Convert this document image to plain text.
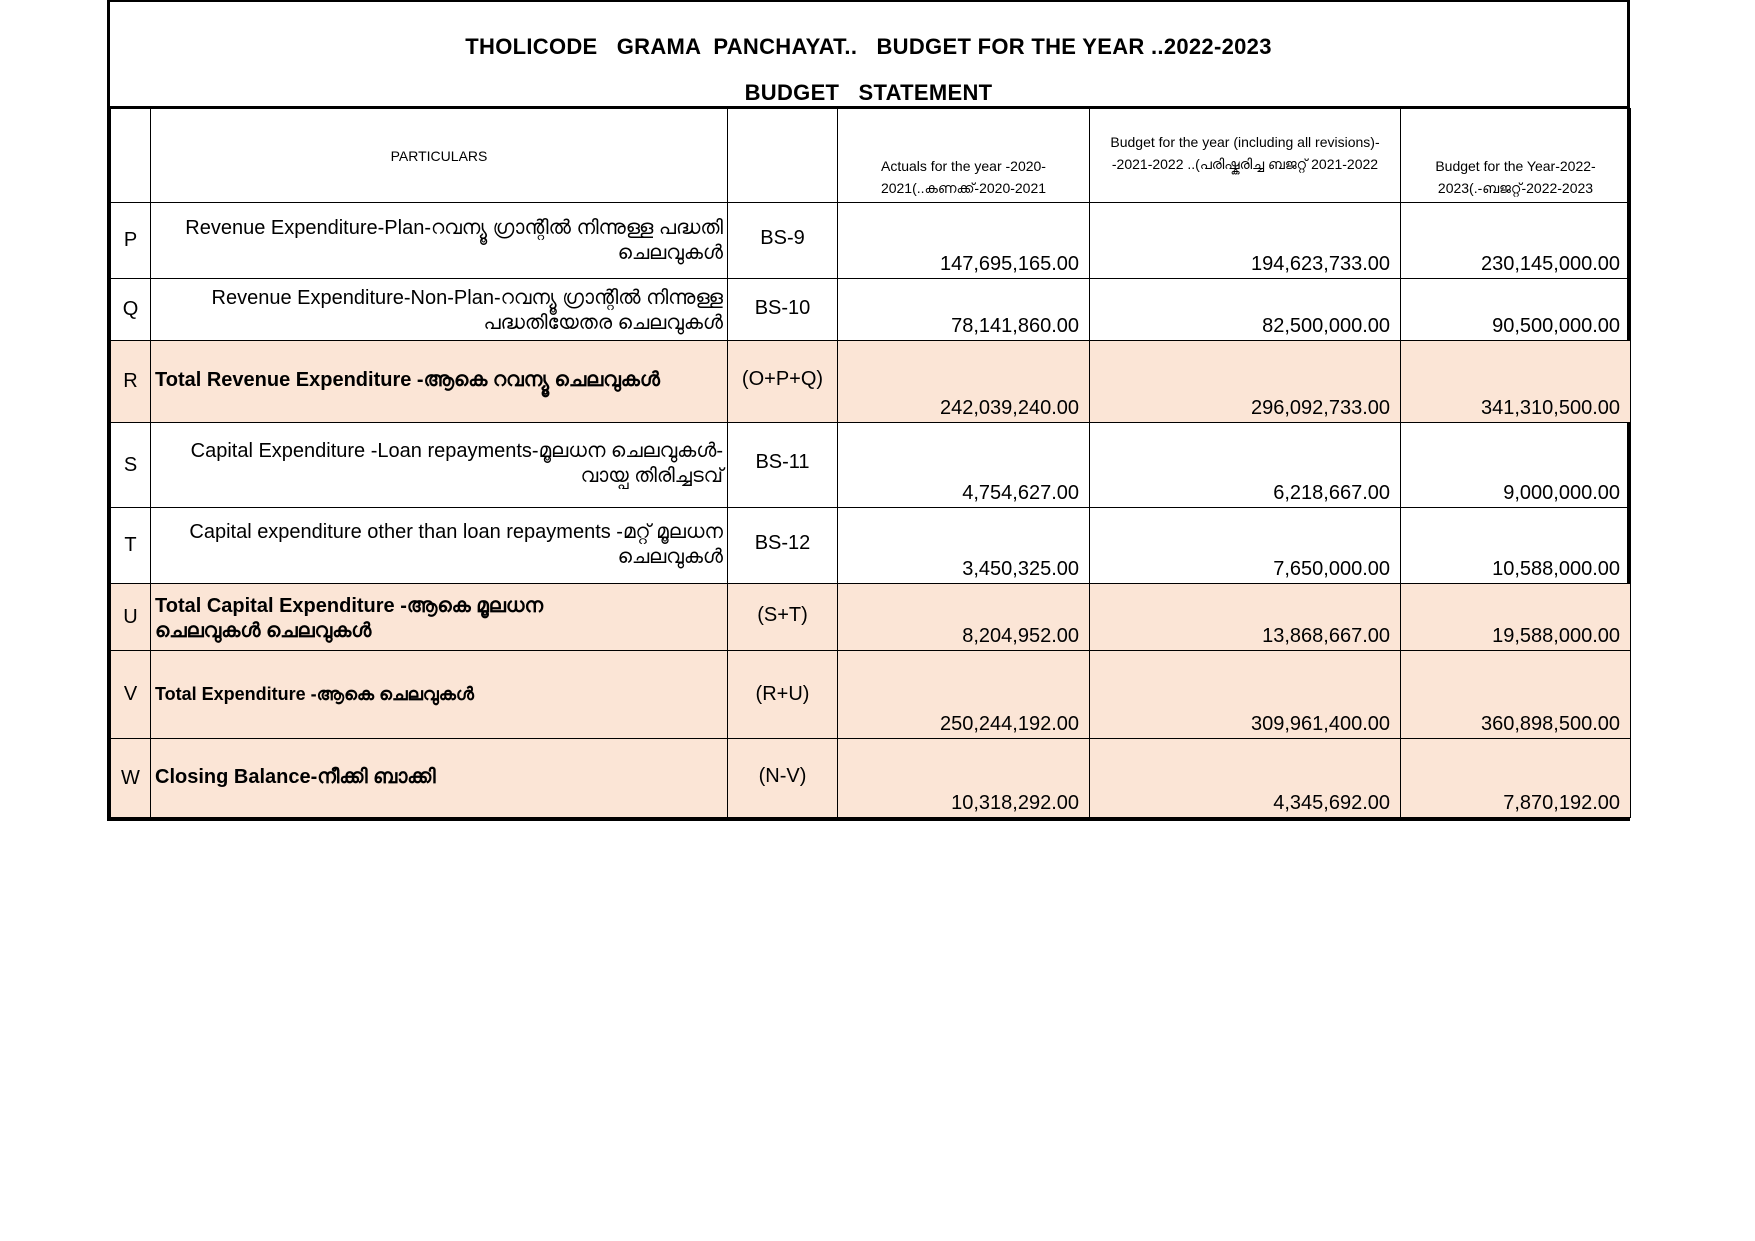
THOLICODE   GRAMA  PANCHAYAT..   BUDGET FOR THE YEAR ..2022-2023
BUDGET   STATEMENT

	PARTICULARS		Actuals for the year -2020-2021(..കണക്ക്-2020-2021	Budget for the year (including all revisions)--2021-2022 ..(പരിഷ്കരിച്ച ബജറ്റ് 2021-2022	Budget for the Year-2022-2023(.-ബജറ്റ്-2022-2023

P	Revenue Expenditure-Plan-റവന്യൂ ഗ്രാന്റിൽ നിന്നുള്ള പദ്ധതി ചെലവുകൾ	BS-9	147,695,165.00	194,623,733.00	230,145,000.00

Q	Revenue Expenditure-Non-Plan-റവന്യൂ ഗ്രാന്റിൽ നിന്നുള്ള പദ്ധതിയേതര ചെലവുകൾ	BS-10	78,141,860.00	82,500,000.00	90,500,000.00

R	Total Revenue Expenditure -ആകെ റവന്യൂ ചെലവുകൾ	(O+P+Q)	242,039,240.00	296,092,733.00	341,310,500.00

S	Capital Expenditure -Loan repayments-മൂലധന ചെലവുകൾ-വായ്പ തിരിച്ചടവ്	BS-11	4,754,627.00	6,218,667.00	9,000,000.00

T	Capital expenditure other than loan repayments -മറ്റ് മൂലധന ചെലവുകൾ	BS-12	3,450,325.00	7,650,000.00	10,588,000.00

U	Total Capital Expenditure -ആകെ മൂലധന ചെലവുകൾ ചെലവുകൾ	(S+T)	8,204,952.00	13,868,667.00	19,588,000.00

V	Total Expenditure -ആകെ ചെലവുകൾ	(R+U)	250,244,192.00	309,961,400.00	360,898,500.00

W	Closing Balance-നീക്കി ബാക്കി	(N-V)	10,318,292.00	4,345,692.00	7,870,192.00
